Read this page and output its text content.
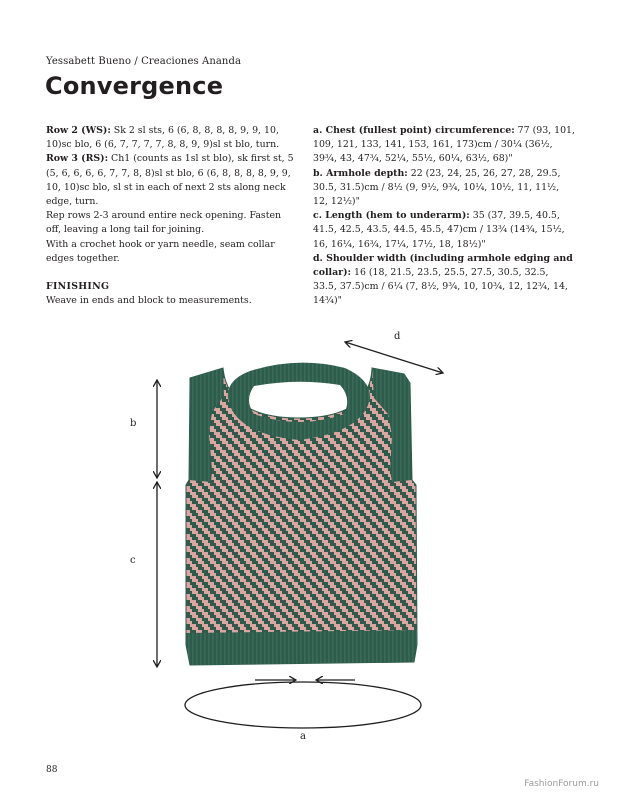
Yessabett Bueno / Creaciones Ananda
Convergence

Row 2 (WS): Sk 2 sl sts, 6 (6, 8, 8, 8, 8, 9, 9, 10, 10)sc blo, 6 (6, 7, 7, 7, 7, 8, 8, 9, 9)sl st blo, turn.

Row 3 (RS): Ch1 (counts as 1sl st blo), sk first st, 5 (5, 6, 6, 6, 6, 7, 7, 8, 8)sl st blo, 6 (6, 8, 8, 8, 8, 9, 9, 10, 10)sc blo, sl st in each of next 2 sts along neck edge, turn.

Rep rows 2-3 around entire neck opening. Fasten off, leaving a long tail for joining.

With a crochet hook or yarn needle, seam collar edges together.

FINISHING

Weave in ends and block to measurements.

a. Chest (fullest point) circumference: 77 (93, 101, 109, 121, 133, 141, 153, 161, 173)cm / 30¼ (36½, 39¾, 43, 47¾, 52¼, 55½, 60¼, 63½, 68)"

b. Armhole depth: 22 (23, 24, 25, 26, 27, 28, 29.5, 30.5, 31.5)cm / 8½ (9, 9½, 9¾, 10¼, 10½, 11, 11½, 12, 12½)"

c. Length (hem to underarm): 35 (37, 39.5, 40.5, 41.5, 42.5, 43.5, 44.5, 45.5, 47)cm / 13¾ (14¾, 15½, 16, 16¼, 16¾, 17¼, 17½, 18, 18½)"

d. Shoulder width (including armhole edging and collar): 16 (18, 21.5, 23.5, 25.5, 27.5, 30.5, 32.5, 33.5, 37.5)cm / 6¼ (7, 8½, 9¾, 10, 10¾, 12, 12¾, 14, 14¾)"

b
c
d
a
88
FashionForum.ru
